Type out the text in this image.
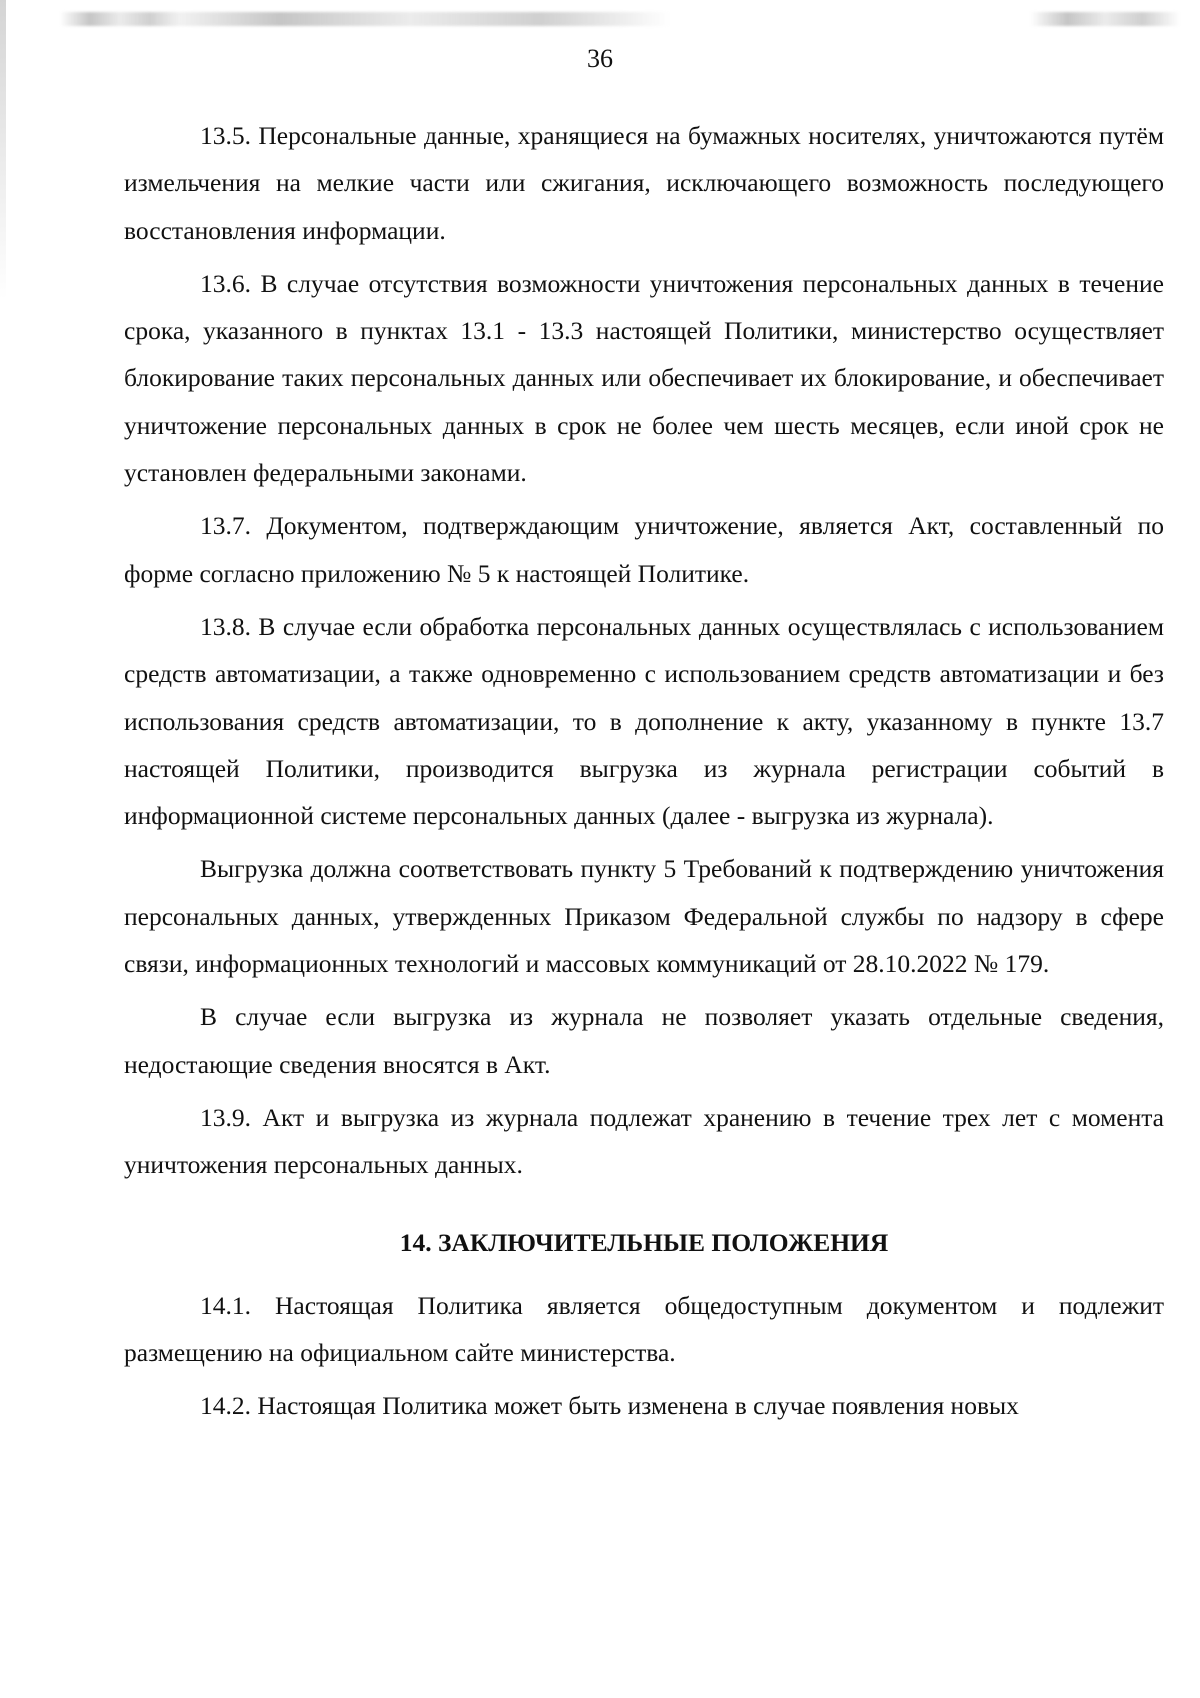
36

13.5. Персональные данные, хранящиеся на бумажных носителях, уничтожаются путём измельчения на мелкие части или сжигания, исключающего возможность последующего восстановления информации.

13.6. В случае отсутствия возможности уничтожения персональных данных в течение срока, указанного в пунктах 13.1 - 13.3 настоящей Политики, министерство осуществляет блокирование таких персональных данных или обеспечивает их блокирование, и обеспечивает уничтожение персональных данных в срок не более чем шесть месяцев, если иной срок не установлен федеральными законами.

13.7. Документом, подтверждающим уничтожение, является Акт, составленный по форме согласно приложению № 5 к настоящей Политике.

13.8. В случае если обработка персональных данных осуществлялась с использованием средств автоматизации, а также одновременно с использованием средств автоматизации и без использования средств автоматизации, то в дополнение к акту, указанному в пункте 13.7 настоящей Политики, производится выгрузка из журнала регистрации событий в информационной системе персональных данных (далее - выгрузка из журнала).

Выгрузка должна соответствовать пункту 5 Требований к подтверждению уничтожения персональных данных, утвержденных Приказом Федеральной службы по надзору в сфере связи, информационных технологий и массовых коммуникаций от 28.10.2022 № 179.

В случае если выгрузка из журнала не позволяет указать отдельные сведения, недостающие сведения вносятся в Акт.

13.9. Акт и выгрузка из журнала подлежат хранению в течение трех лет с момента уничтожения персональных данных.

14. ЗАКЛЮЧИТЕЛЬНЫЕ ПОЛОЖЕНИЯ

14.1. Настоящая Политика является общедоступным документом и подлежит размещению на официальном сайте министерства.

14.2. Настоящая Политика может быть изменена в случае появления новых
